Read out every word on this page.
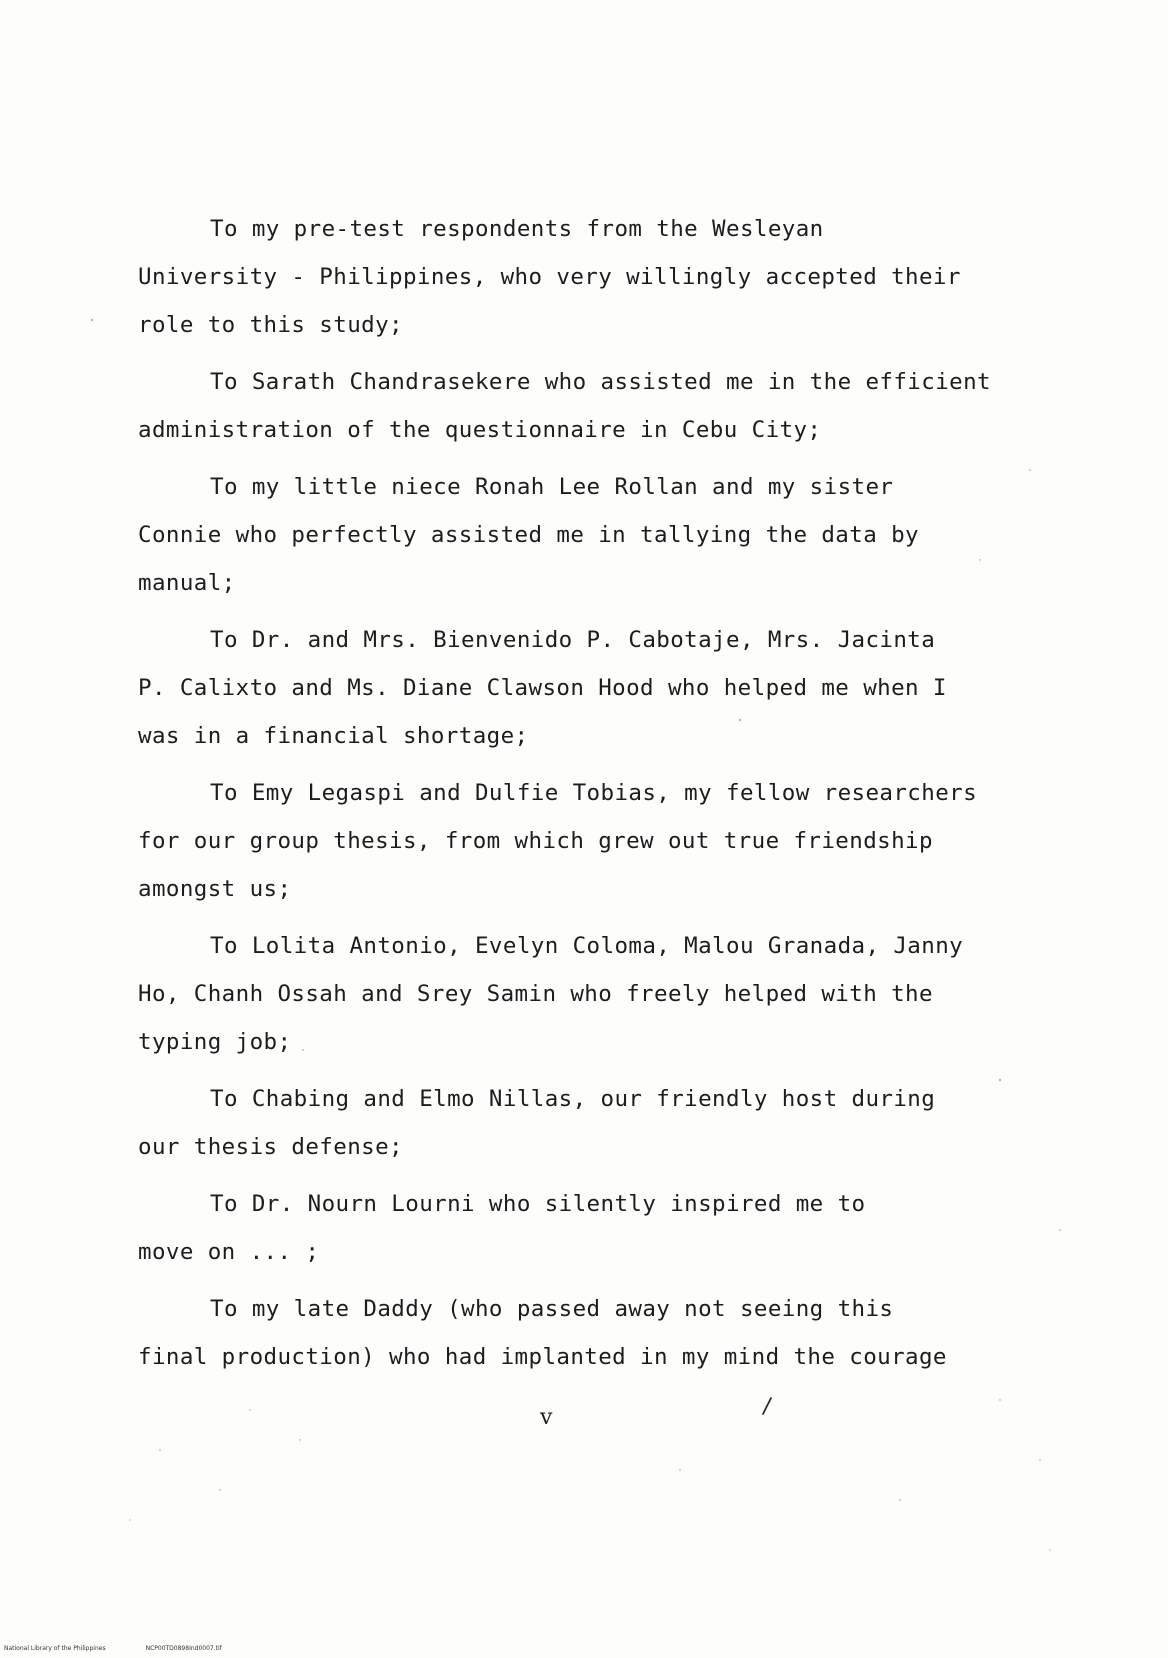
To my pre-test respondents from the Wesleyan
University - Philippines, who very willingly accepted their
role to this study;
To Sarath Chandrasekere who assisted me in the efficient
administration of the questionnaire in Cebu City;
To my little niece Ronah Lee Rollan and my sister
Connie who perfectly assisted me in tallying the data by
manual;
To Dr. and Mrs. Bienvenido P. Cabotaje, Mrs. Jacinta
P. Calixto and Ms. Diane Clawson Hood who helped me when I
was in a financial shortage;
To Emy Legaspi and Dulfie Tobias, my fellow researchers
for our group thesis, from which grew out true friendship
amongst us;
To Lolita Antonio, Evelyn Coloma, Malou Granada, Janny
Ho, Chanh Ossah and Srey Samin who freely helped with the
typing job;
To Chabing and Elmo Nillas, our friendly host during
our thesis defense;
To Dr. Nourn Lourni who silently inspired me to
move on ... ;
To my late Daddy (who passed away not seeing this
final production) who had implanted in my mind the courage
v
National Library of the Philippines	NCP00TD0898Ind0007.tif
